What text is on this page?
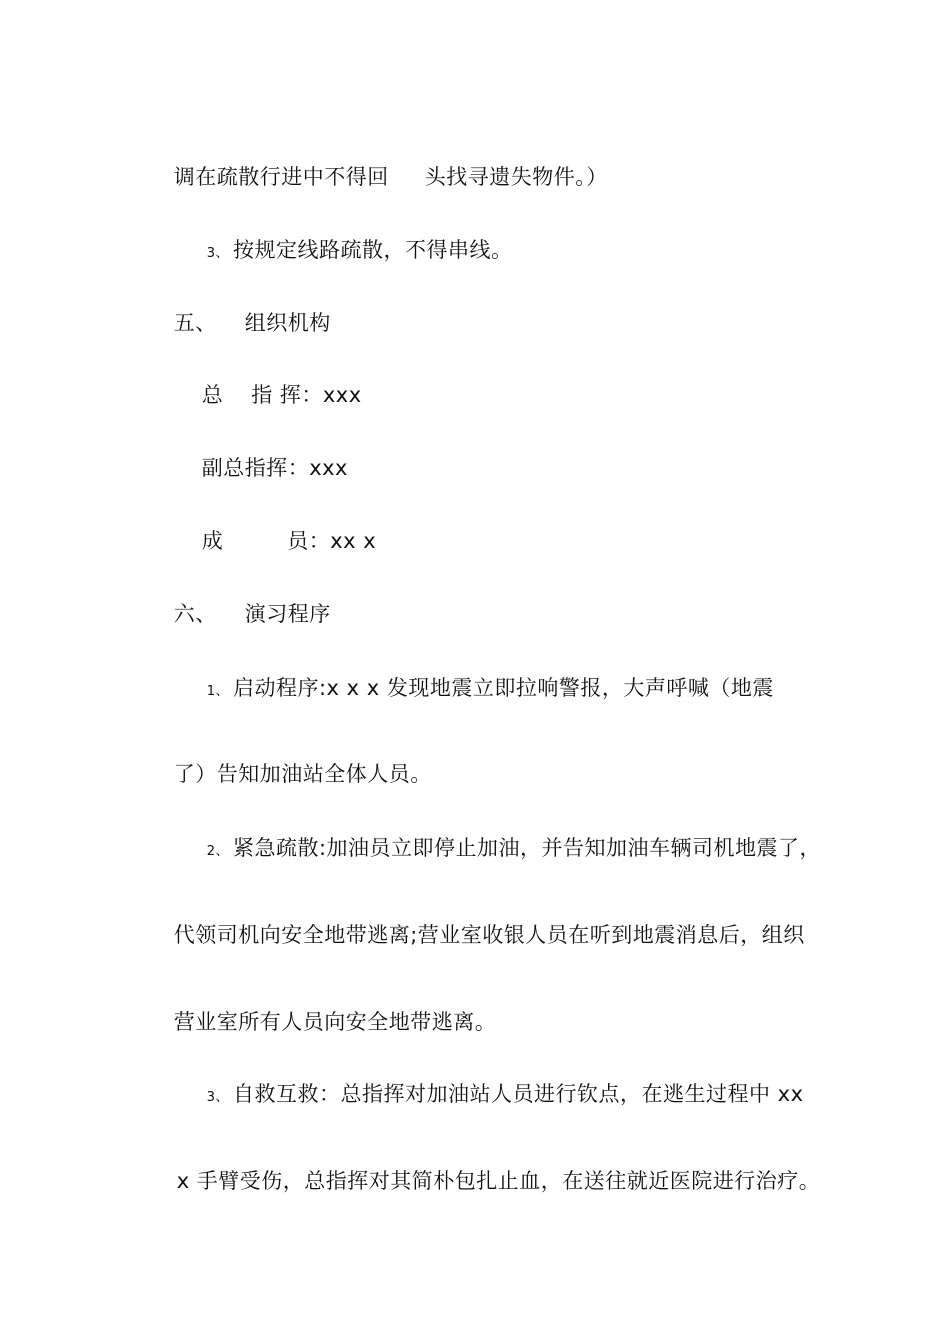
调在疏散行进中不得回 头找寻遗失物件。）

3、 按规定线路疏散，不得串线。

五、 组织机构

总 指 挥：xxx

副总指挥：xxx

成	员：xx x

六、 演习程序

1、 启动程序:x x x 发现地震立即拉响警报，大声呼喊（地震

了）告知加油站全体人员。

2、 紧急疏散:加油员立即停止加油，并告知加油车辆司机地震了，

代领司机向安全地带逃离;营业室收银人员在听到地震消息后，组织

营业室所有人员向安全地带逃离。

3、 自救互救：总指挥对加油站人员进行钦点，在逃生过程中 xx

x 手臂受伤，总指挥对其简朴包扎止血，在送往就近医院进行治疗。
